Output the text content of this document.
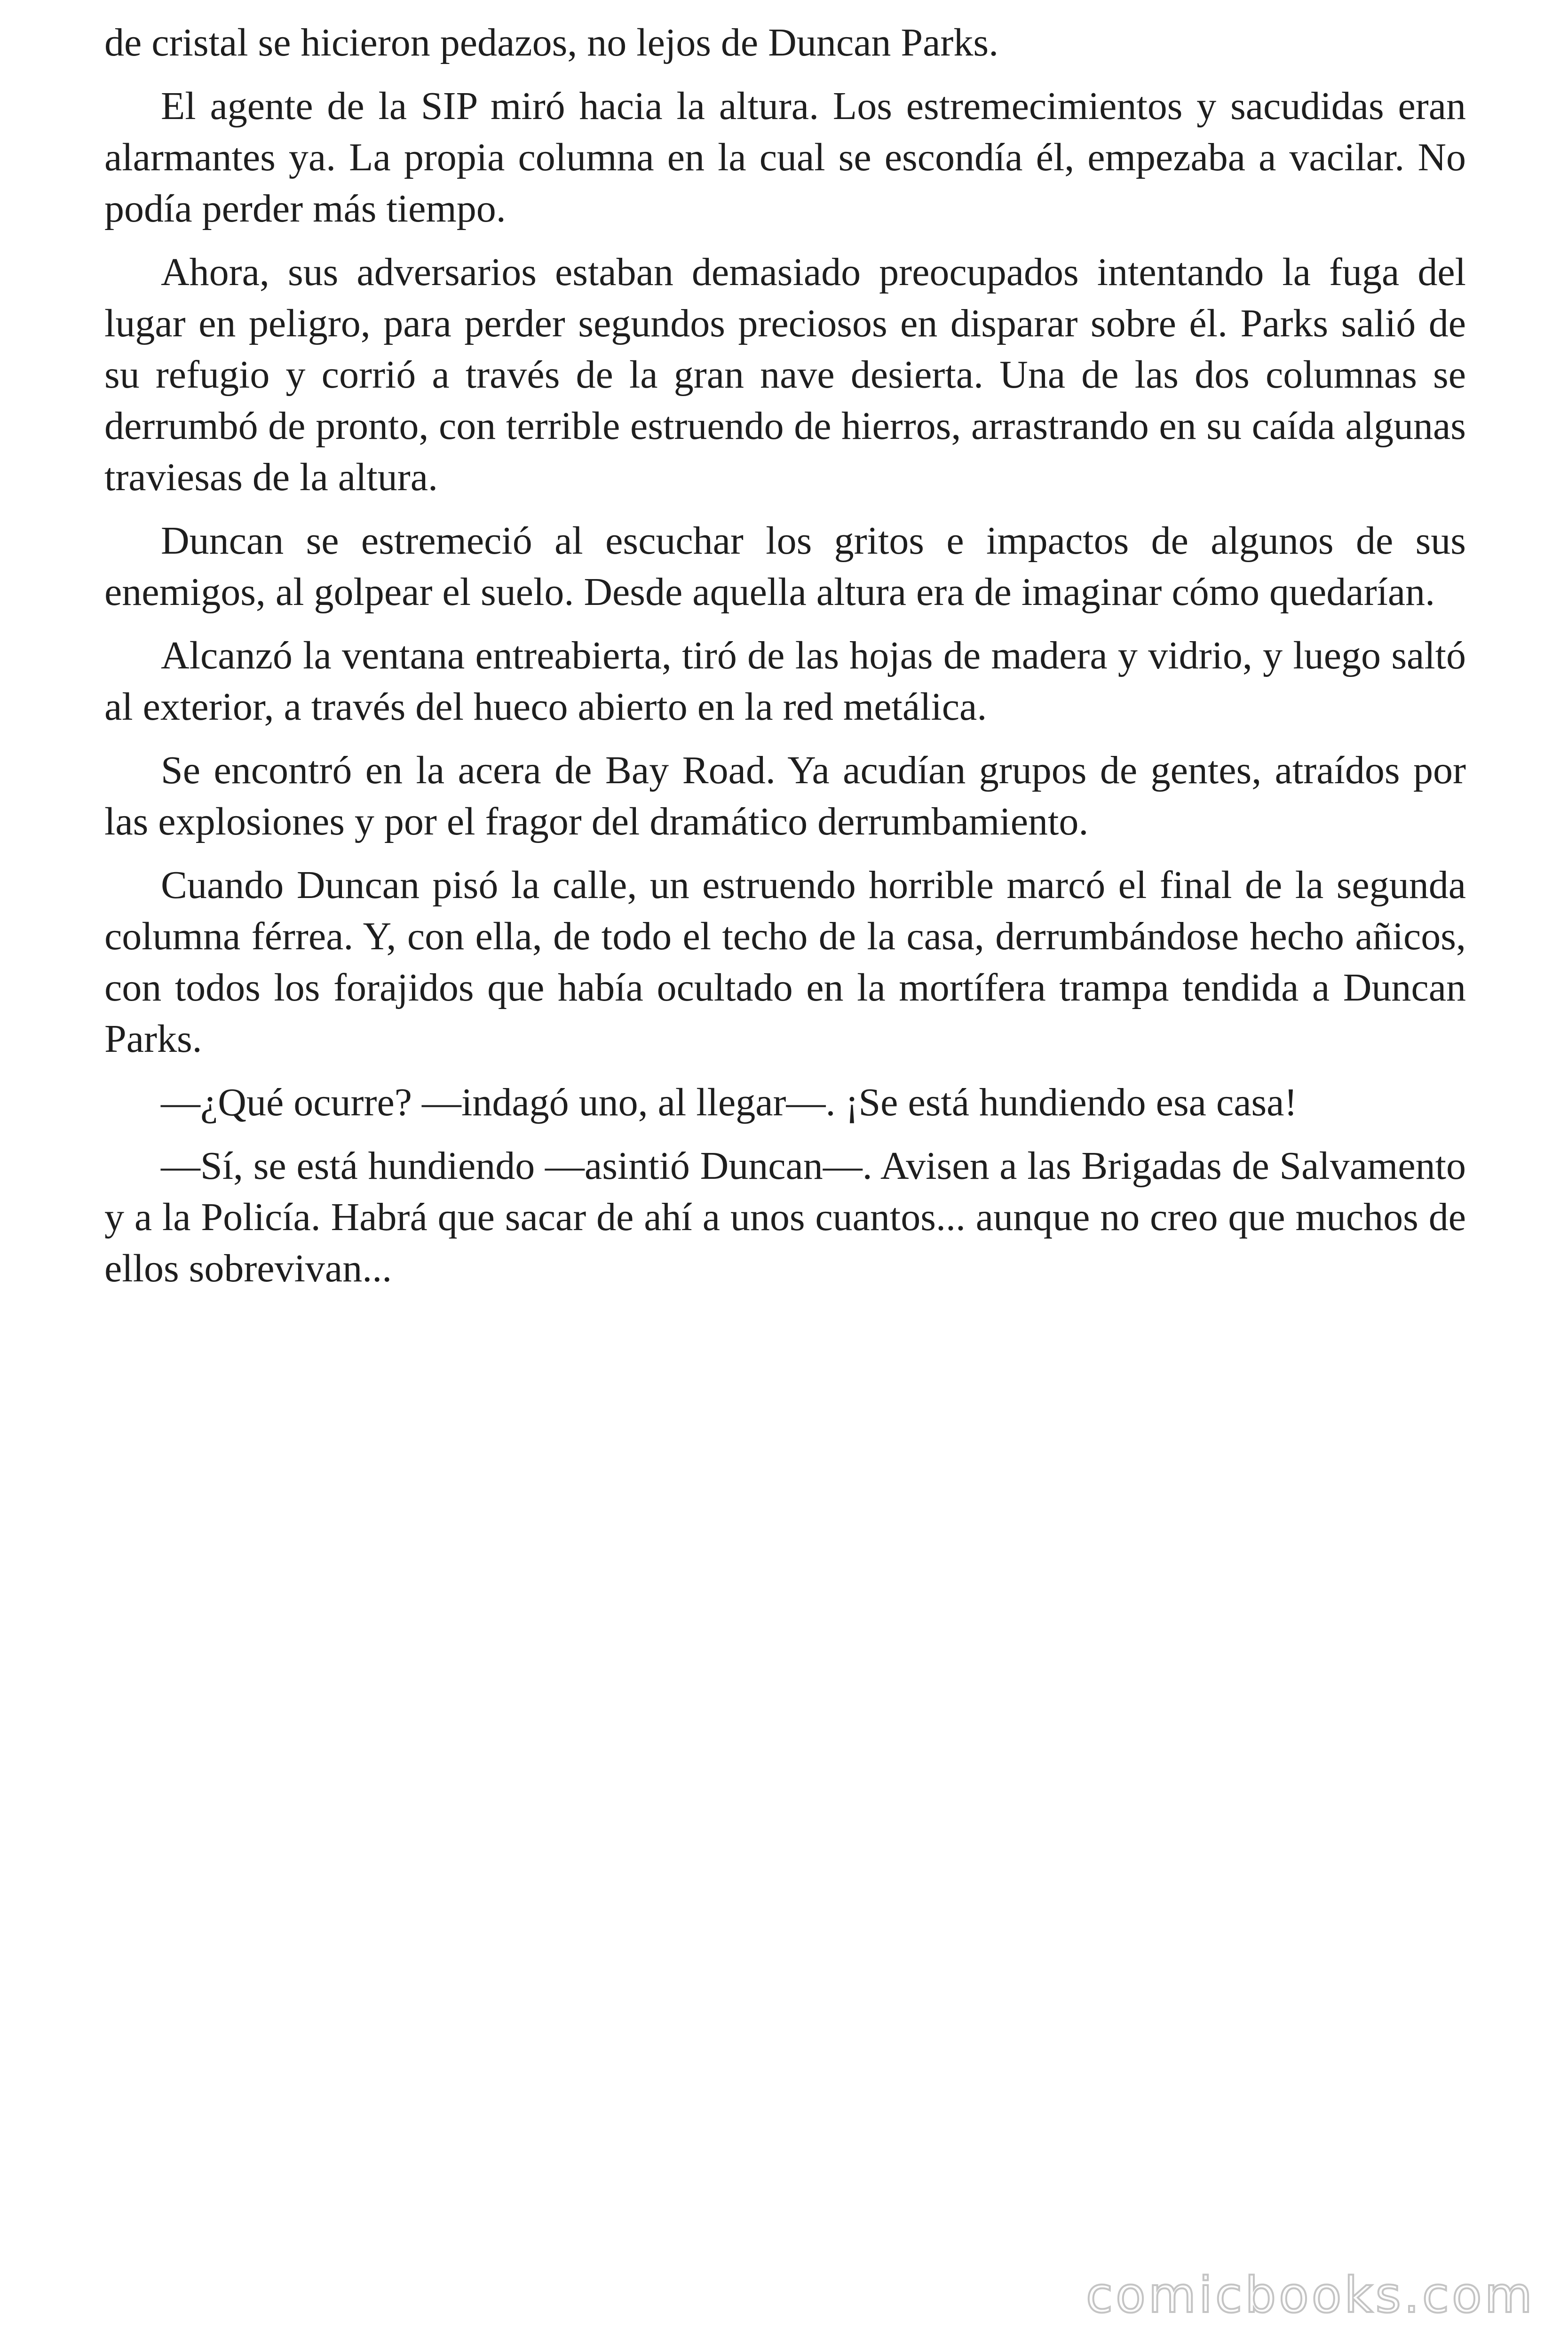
de cristal se hicieron pedazos, no lejos de Duncan Parks.

El agente de la SIP miró hacia la altura. Los estremecimientos y sacudidas eran alarmantes ya. La propia columna en la cual se escondía él, empezaba a vacilar. No podía perder más tiempo.

Ahora, sus adversarios estaban demasiado preocupados intentando la fuga del lugar en peligro, para perder segundos preciosos en disparar sobre él. Parks salió de su refugio y corrió a través de la gran nave desierta. Una de las dos columnas se derrumbó de pronto, con terrible estruendo de hierros, arrastrando en su caída algunas traviesas de la altura.

Duncan se estremeció al escuchar los gritos e impactos de algunos de sus enemigos, al golpear el suelo. Desde aquella altura era de imaginar cómo quedarían.

Alcanzó la ventana entreabierta, tiró de las hojas de madera y vidrio, y luego saltó al exterior, a través del hueco abierto en la red metálica.

Se encontró en la acera de Bay Road. Ya acudían grupos de gentes, atraídos por las explosiones y por el fragor del dramático derrumbamiento.

Cuando Duncan pisó la calle, un estruendo horrible marcó el final de la segunda columna férrea. Y, con ella, de todo el techo de la casa, derrumbándose hecho añicos, con todos los forajidos que había ocultado en la mortífera trampa tendida a Duncan Parks.

—¿Qué ocurre? —indagó uno, al llegar—. ¡Se está hundiendo esa casa!

—Sí, se está hundiendo —asintió Duncan—. Avisen a las Brigadas de Salvamento y a la Policía. Habrá que sacar de ahí a unos cuantos... aunque no creo que muchos de ellos sobrevivan...

comicbooks.com
